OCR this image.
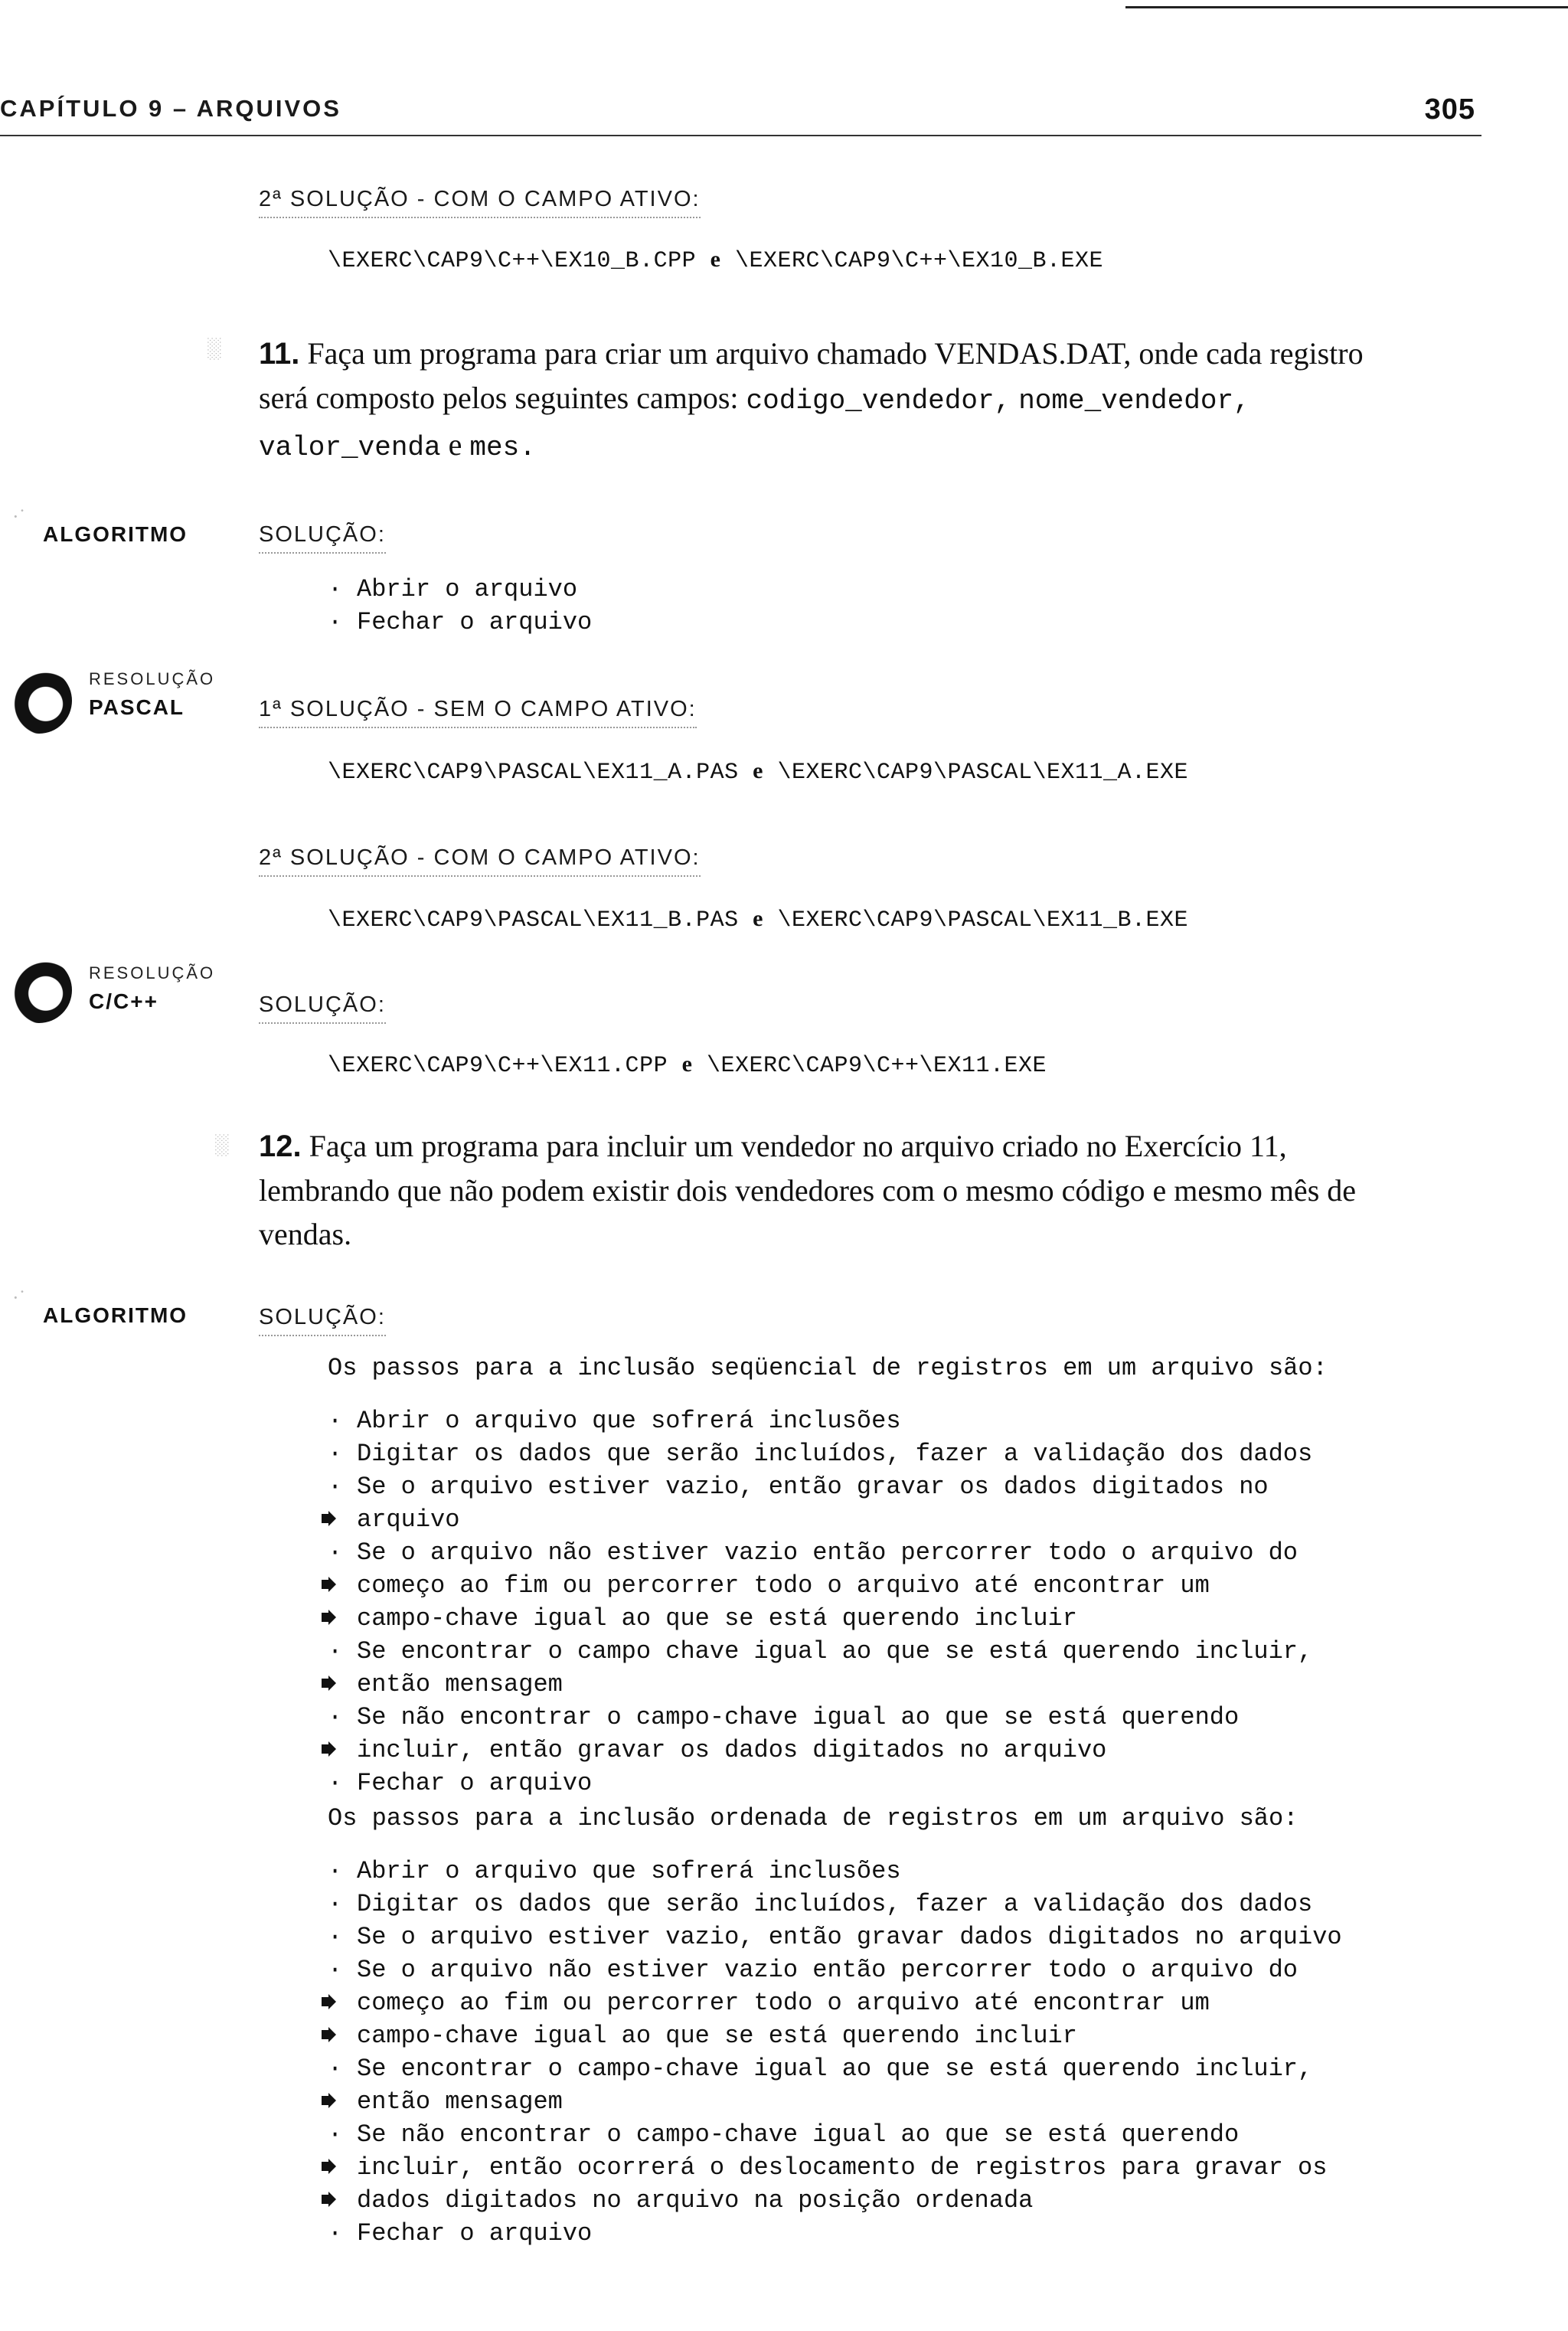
CAPÍTULO 9 – ARQUIVOS	305
2ª SOLUÇÃO - COM O CAMPO ATIVO:
\EXERC\CAP9\C++\EX10_B.CPP e \EXERC\CAP9\C++\EX10_B.EXE
11. Faça um programa para criar um arquivo chamado VENDAS.DAT, onde cada registro
será composto pelos seguintes campos: codigo_vendedor, nome_vendedor,
valor_venda e mes.
░
ALGORITMO
·˙
SOLUÇÃO:
· Abrir o arquivo
· Fechar o arquivo
RESOLUÇÃO
PASCAL	1ª SOLUÇÃO - SEM O CAMPO ATIVO:
\EXERC\CAP9\PASCAL\EX11_A.PAS e \EXERC\CAP9\PASCAL\EX11_A.EXE
2ª SOLUÇÃO - COM O CAMPO ATIVO:
\EXERC\CAP9\PASCAL\EX11_B.PAS e \EXERC\CAP9\PASCAL\EX11_B.EXE
RESOLUÇÃO
C/C++	SOLUÇÃO:
\EXERC\CAP9\C++\EX11.CPP e \EXERC\CAP9\C++\EX11.EXE
░ 12. Faça um programa para incluir um vendedor no arquivo criado no Exercício 11,
lembrando que não podem existir dois vendedores com o mesmo código e mesmo mês de
vendas.
·˙
ALGORITMO	SOLUÇÃO:
Os passos para a inclusão seqüencial de registros em um arquivo são:
· Abrir o arquivo que sofrerá inclusões
· Digitar os dados que serão incluídos, fazer a validação dos dados
· Se o arquivo estiver vazio, então gravar os dados digitados no
arquivo
· Se o arquivo não estiver vazio então percorrer todo o arquivo do
começo ao fim ou percorrer todo o arquivo até encontrar um
campo-chave igual ao que se está querendo incluir
· Se encontrar o campo chave igual ao que se está querendo incluir,
então mensagem
· Se não encontrar o campo-chave igual ao que se está querendo
incluir, então gravar os dados digitados no arquivo
· Fechar o arquivo
Os passos para a inclusão ordenada de registros em um arquivo são:
· Abrir o arquivo que sofrerá inclusões
· Digitar os dados que serão incluídos, fazer a validação dos dados
· Se o arquivo estiver vazio, então gravar dados digitados no arquivo
· Se o arquivo não estiver vazio então percorrer todo o arquivo do
começo ao fim ou percorrer todo o arquivo até encontrar um
campo-chave igual ao que se está querendo incluir
· Se encontrar o campo-chave igual ao que se está querendo incluir,
então mensagem
· Se não encontrar o campo-chave igual ao que se está querendo
incluir, então ocorrerá o deslocamento de registros para gravar os
dados digitados no arquivo na posição ordenada
· Fechar o arquivo
